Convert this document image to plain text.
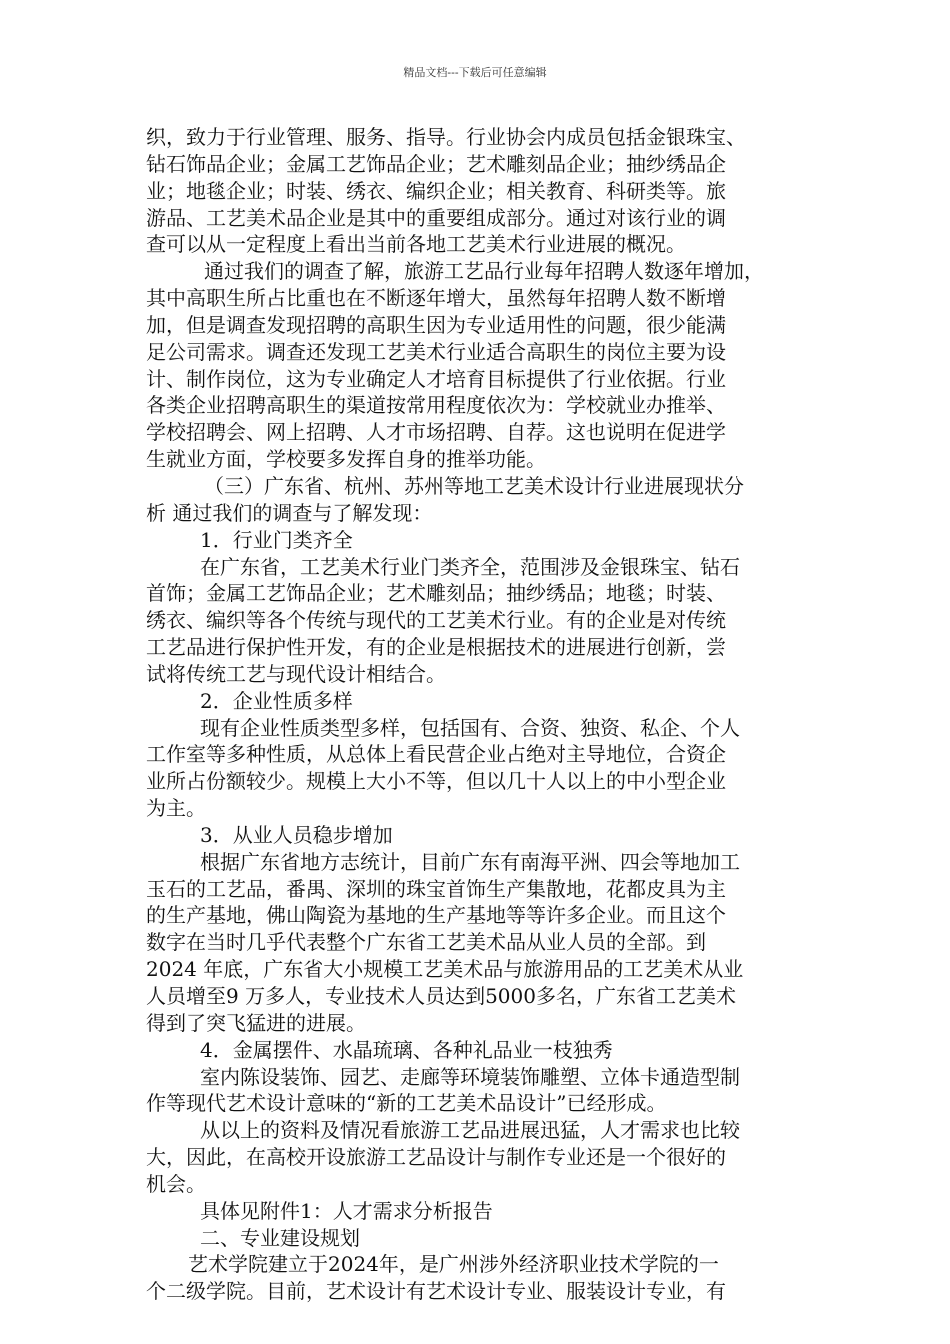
精品文档---下载后可任意编辑
织，致力于行业管理、服务、指导。行业协会内成员包括金银珠宝、
钻石饰品企业；金属工艺饰品企业；艺术雕刻品企业；抽纱绣品企
业；地毯企业；时装、绣衣、编织企业；相关教育、科研类等。旅
游品、工艺美术品企业是其中的重要组成部分。通过对该行业的调
查可以从一定程度上看出当前各地工艺美术行业进展的概况。
通过我们的调查了解，旅游工艺品行业每年招聘人数逐年增加，
其中高职生所占比重也在不断逐年增大，虽然每年招聘人数不断增
加，但是调查发现招聘的高职生因为专业适用性的问题，很少能满
足公司需求。调查还发现工艺美术行业适合高职生的岗位主要为设
计、制作岗位，这为专业确定人才培育目标提供了行业依据。行业
各类企业招聘高职生的渠道按常用程度依次为：学校就业办推举、
学校招聘会、网上招聘、人才市场招聘、自荐。这也说明在促进学
生就业方面，学校要多发挥自身的推举功能。
（三）广东省、杭州、苏州等地工艺美术设计行业进展现状分
析 通过我们的调查与了解发现：
1．行业门类齐全
在广东省，工艺美术行业门类齐全，范围涉及金银珠宝、钻石
首饰；金属工艺饰品企业；艺术雕刻品；抽纱绣品；地毯；时装、
绣衣、编织等各个传统与现代的工艺美术行业。有的企业是对传统
工艺品进行保护性开发，有的企业是根据技术的进展进行创新，尝
试将传统工艺与现代设计相结合。
2．企业性质多样
现有企业性质类型多样，包括国有、合资、独资、私企、个人
工作室等多种性质，从总体上看民营企业占绝对主导地位，合资企
业所占份额较少。规模上大小不等，但以几十人以上的中小型企业
为主。
3．从业人员稳步增加
根据广东省地方志统计，目前广东有南海平洲、四会等地加工
玉石的工艺品，番禺、深圳的珠宝首饰生产集散地，花都皮具为主
的生产基地，佛山陶瓷为基地的生产基地等等许多企业。而且这个
数字在当时几乎代表整个广东省工艺美术品从业人员的全部。到
2024 年底，广东省大小规模工艺美术品与旅游用品的工艺美术从业
人员增至9 万多人，专业技术人员达到5000多名，广东省工艺美术
得到了突飞猛进的进展。
4．金属摆件、水晶琉璃、各种礼品业一枝独秀
室内陈设装饰、园艺、走廊等环境装饰雕塑、立体卡通造型制
作等现代艺术设计意味的“新的工艺美术品设计”已经形成。
从以上的资料及情况看旅游工艺品进展迅猛，人才需求也比较
大，因此，在高校开设旅游工艺品设计与制作专业还是一个很好的
机会。
具体见附件1：人才需求分析报告
二、专业建设规划
艺术学院建立于2024年，是广州涉外经济职业技术学院的一
个二级学院。目前，艺术设计有艺术设计专业、服装设计专业，有
